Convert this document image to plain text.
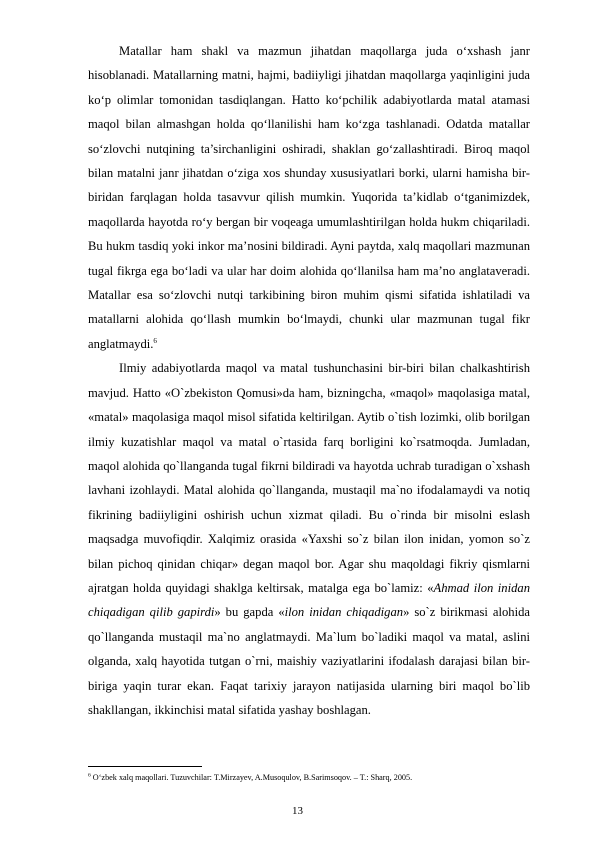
Matallar ham shakl va mazmun jihatdan maqollarga juda o‘xshash janr hisoblanadi. Matallarning matni, hajmi, badiiyligi jihatdan maqollarga yaqinligini juda ko‘p olimlar tomonidan tasdiqlangan. Hatto ko‘pchilik adabiyotlarda matal atamasi maqol bilan almashgan holda qo‘llanilishi ham ko‘zga tashlanadi. Odatda matallar so‘zlovchi nutqining ta’sirchanligini oshiradi, shaklan go‘zallashtiradi. Biroq maqol bilan matalni janr jihatdan o‘ziga xos shunday xususiyatlari borki, ularni hamisha bir-biridan farqlagan holda tasavvur qilish mumkin. Yuqorida ta’kidlab o‘tganimizdek, maqollarda hayotda ro‘y bergan bir voqeaga umumlashtirilgan holda hukm chiqariladi. Bu hukm tasdiq yoki inkor ma’nosini bildiradi. Ayni paytda, xalq maqollari mazmunan tugal fikrga ega bo‘ladi va ular har doim alohida qo‘llanilsa ham ma’no anglataveradi. Matallar esa so‘zlovchi nutqi tarkibining biron muhim qismi sifatida ishlatiladi va matallarni alohida qo‘llash mumkin bo‘lmaydi, chunki ular mazmunan tugal fikr anglatmaydi.$^6$

Ilmiy adabiyotlarda maqol va matal tushunchasini bir-biri bilan chalkashtirish mavjud. Hatto «O`zbekiston Qomusi»da ham, bizningcha, «maqol» maqolasiga matal, «matal» maqolasiga maqol misol sifatida keltirilgan. Aytib o`tish lozimki, olib borilgan ilmiy kuzatishlar maqol va matal o`rtasida farq borligini ko`rsatmoqda. Jumladan, maqol alohida qo`llanganda tugal fikrni bildiradi va hayotda uchrab turadigan o`xshash lavhani izohlaydi. Matal alohida qo`llanganda, mustaqil ma`no ifodalamaydi va notiq fikrining badiiyligini oshirish uchun xizmat qiladi. Bu o`rinda bir misolni eslash maqsadga muvofiqdir. Xalqimiz orasida «Yaxshi so`z bilan ilon inidan, yomon so`z bilan pichoq qinidan chiqar» degan maqol bor. Agar shu maqoldagi fikriy qismlarni ajratgan holda quyidagi shaklga keltirsak, matalga ega bo`lamiz: «Ahmad ilon inidan chiqadigan qilib gapirdi» bu gapda «ilon inidan chiqadigan» so`z birikmasi alohida qo`llanganda mustaqil ma`no anglatmaydi. Ma`lum bo`ladiki maqol va matal, aslini olganda, xalq hayotida tutgan o`rni, maishiy vaziyatlarini ifodalash darajasi bilan bir-biriga yaqin turar ekan. Faqat tarixiy jarayon natijasida ularning biri maqol bo`lib shakllangan, ikkinchisi matal sifatida yashay boshlagan.

$^6$ O‘zbek xalq maqollari. Tuzuvchilar: T.Mirzayev, A.Musoqulov, B.Sarimsoqov. – T.: Sharq, 2005.
13
